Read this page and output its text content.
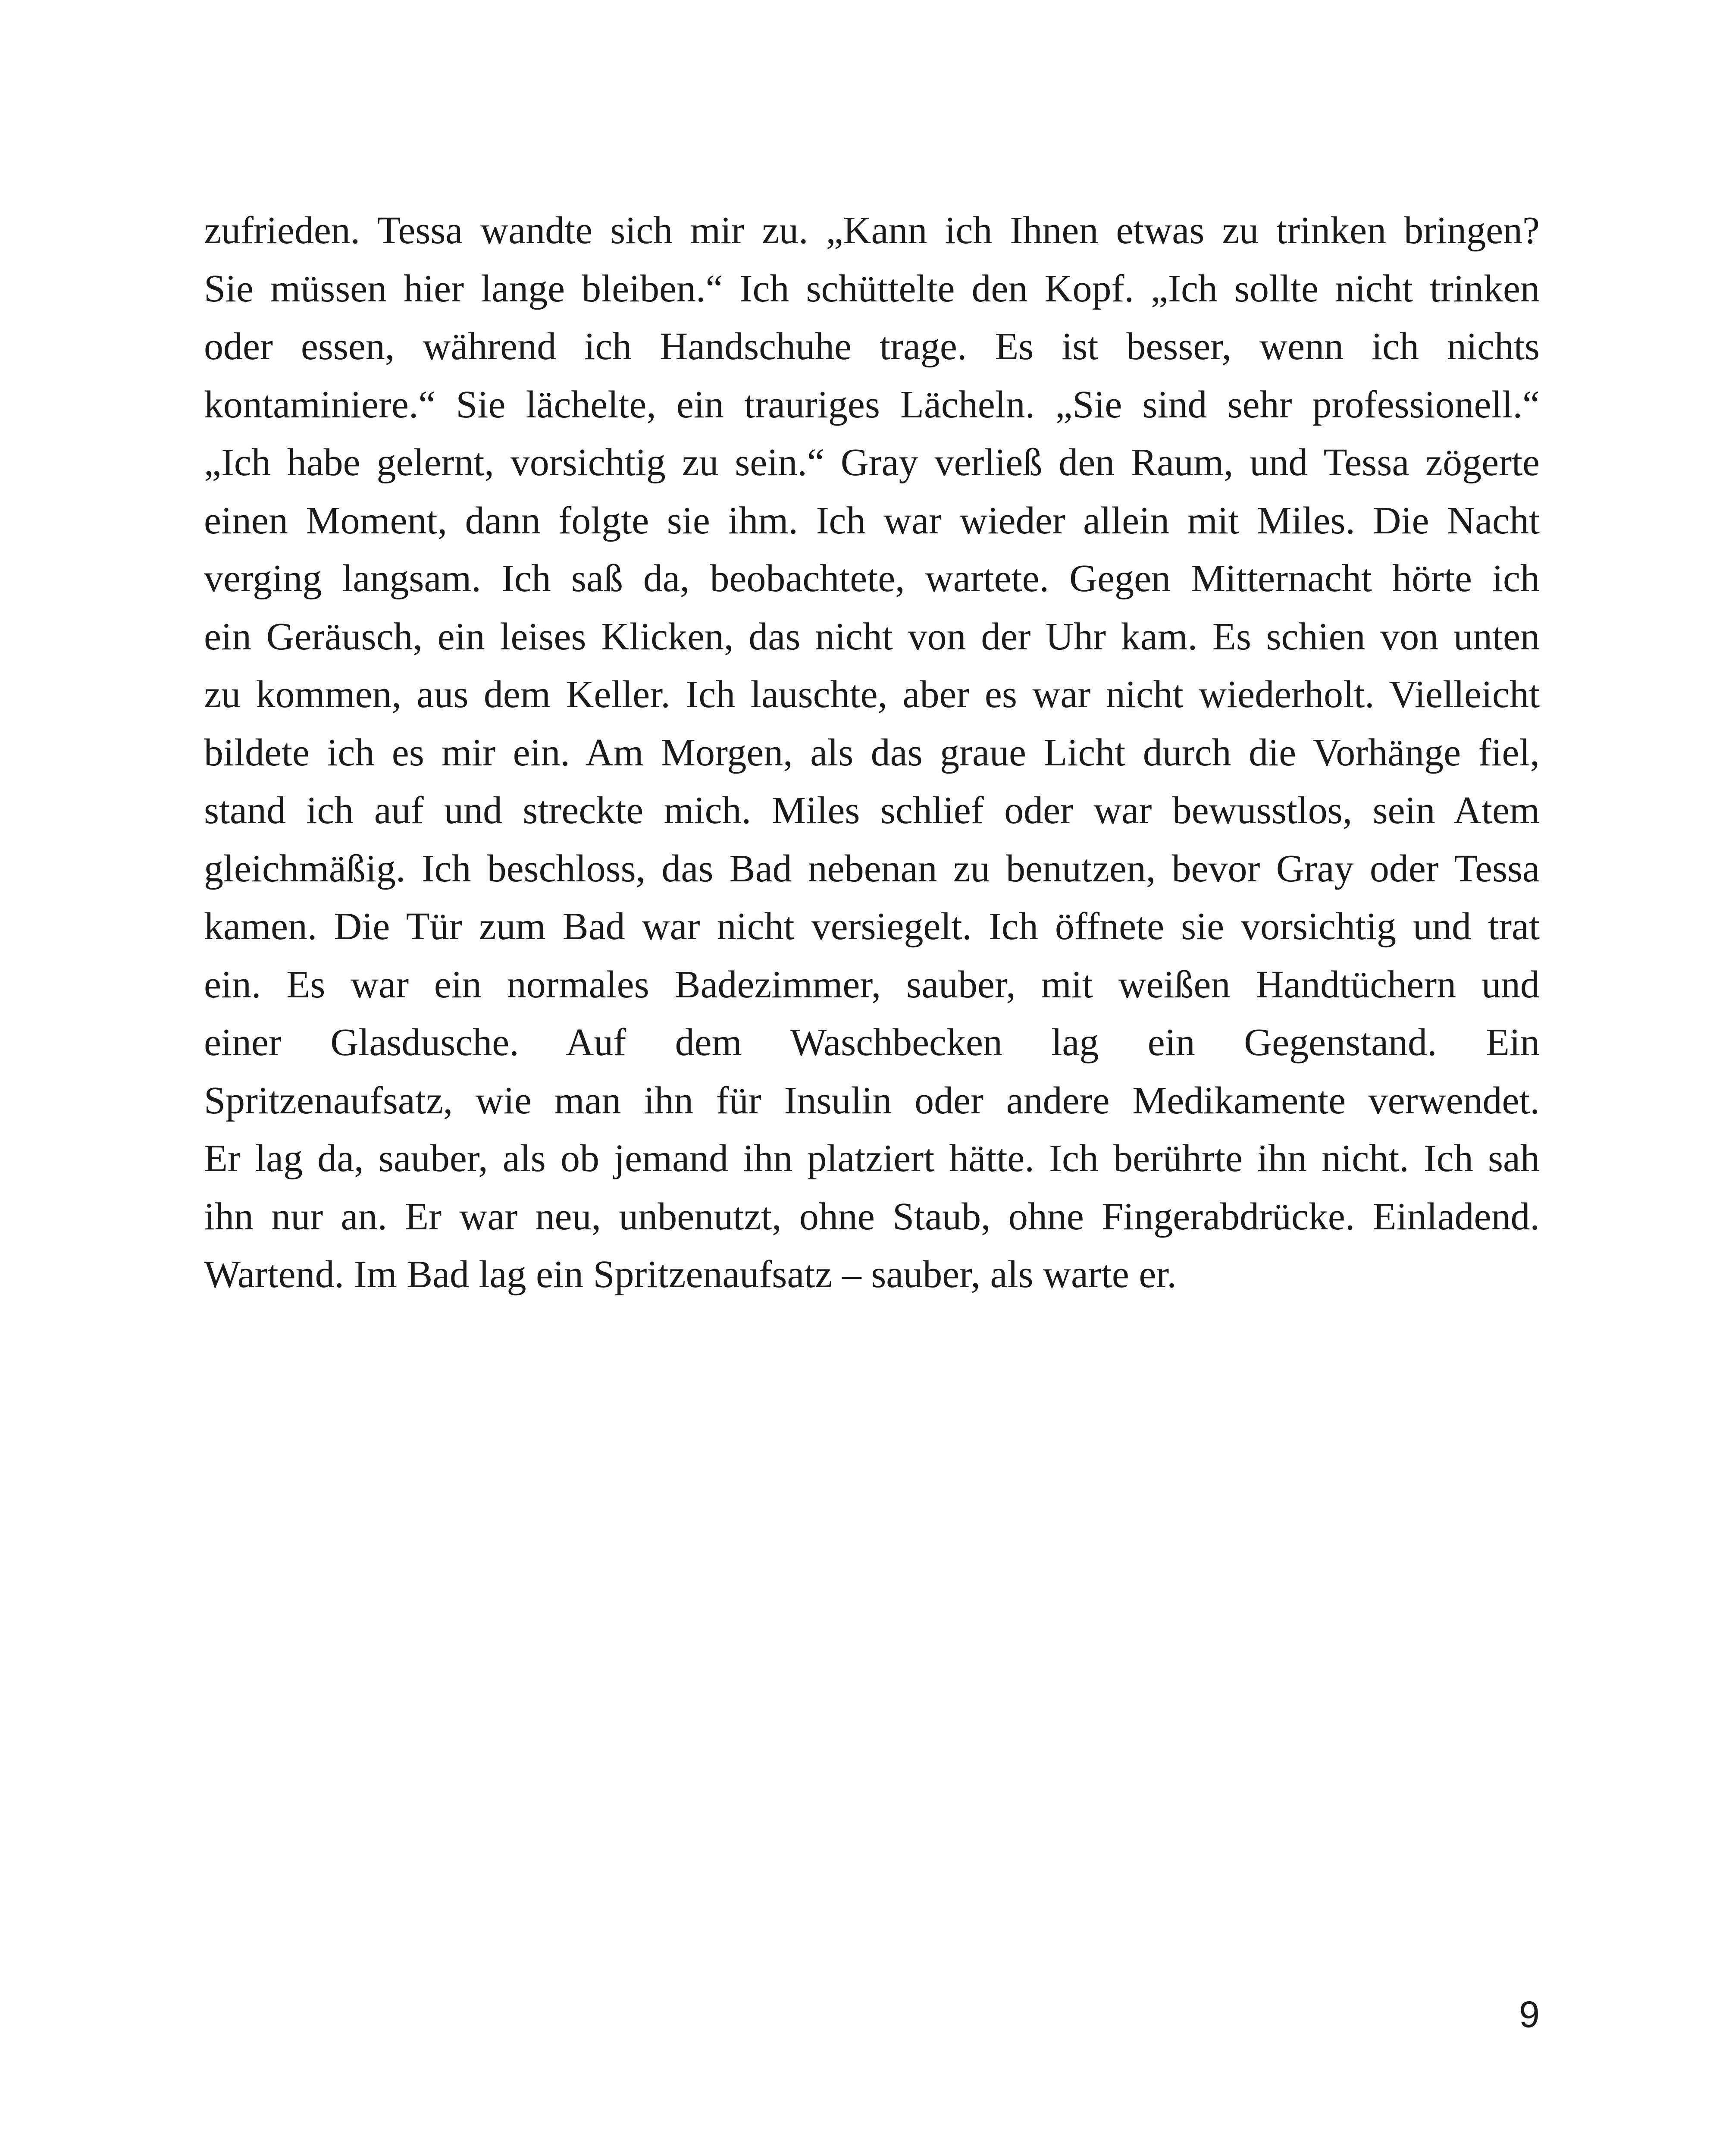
zufrieden. Tessa wandte sich mir zu. „Kann ich Ihnen etwas zu trinken bringen?
Sie müssen hier lange bleiben.“ Ich schüttelte den Kopf. „Ich sollte nicht trinken
oder essen, während ich Handschuhe trage. Es ist besser, wenn ich nichts
kontaminiere.“ Sie lächelte, ein trauriges Lächeln. „Sie sind sehr professionell.“
„Ich habe gelernt, vorsichtig zu sein.“ Gray verließ den Raum, und Tessa zögerte
einen Moment, dann folgte sie ihm. Ich war wieder allein mit Miles. Die Nacht
verging langsam. Ich saß da, beobachtete, wartete. Gegen Mitternacht hörte ich
ein Geräusch, ein leises Klicken, das nicht von der Uhr kam. Es schien von unten
zu kommen, aus dem Keller. Ich lauschte, aber es war nicht wiederholt. Vielleicht
bildete ich es mir ein. Am Morgen, als das graue Licht durch die Vorhänge fiel,
stand ich auf und streckte mich. Miles schlief oder war bewusstlos, sein Atem
gleichmäßig. Ich beschloss, das Bad nebenan zu benutzen, bevor Gray oder Tessa
kamen. Die Tür zum Bad war nicht versiegelt. Ich öffnete sie vorsichtig und trat
ein. Es war ein normales Badezimmer, sauber, mit weißen Handtüchern und
einer Glasdusche. Auf dem Waschbecken lag ein Gegenstand. Ein
Spritzenaufsatz, wie man ihn für Insulin oder andere Medikamente verwendet.
Er lag da, sauber, als ob jemand ihn platziert hätte. Ich berührte ihn nicht. Ich sah
ihn nur an. Er war neu, unbenutzt, ohne Staub, ohne Fingerabdrücke. Einladend.
Wartend. Im Bad lag ein Spritzenaufsatz – sauber, als warte er.
9
